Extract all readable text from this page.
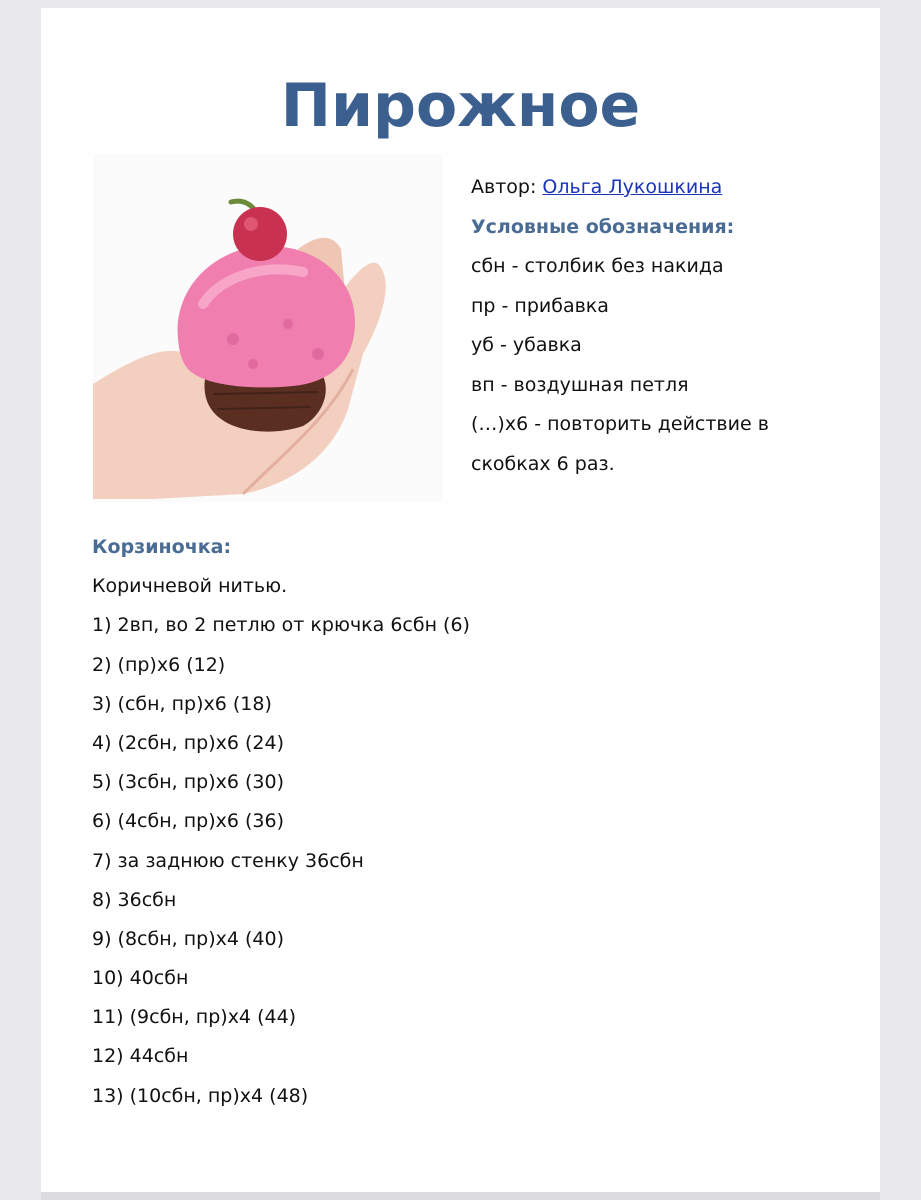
Пирожное
Автор: Ольга Лукошкина
Условные обозначения:
сбн - столбик без накида
пр - прибавка
уб - убавка
вп - воздушная петля
(…)х6 - повторить действие в
скобках 6 раз.
Корзиночка:
Коричневой нитью.
1) 2вп, во 2 петлю от крючка 6сбн (6)
2) (пр)х6 (12)
3) (сбн, пр)х6 (18)
4) (2сбн, пр)х6 (24)
5) (3сбн, пр)х6 (30)
6) (4сбн, пр)х6 (36)
7) за заднюю стенку 36сбн
8) 36сбн
9) (8сбн, пр)х4 (40)
10) 40сбн
11) (9сбн, пр)х4 (44)
12) 44сбн
13) (10сбн, пр)х4 (48)
